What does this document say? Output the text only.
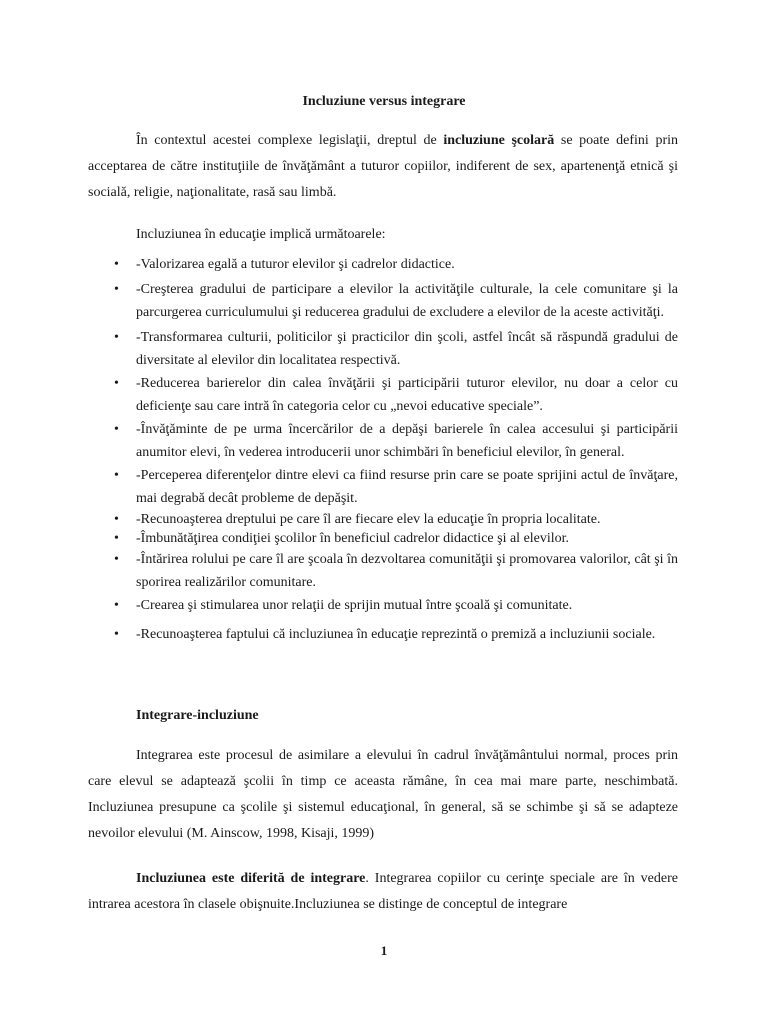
Incluziune versus integrare
În contextul acestei complexe legislaţii, dreptul de incluziune şcolară se poate defini prin acceptarea de către instituţiile de învăţământ a tuturor copiilor, indiferent de sex, apartenenţă etnică şi socială, religie, naţionalitate, rasă sau limbă.
Incluziunea în educaţie implică următoarele:
• -Valorizarea egală a tuturor elevilor şi cadrelor didactice.
• -Creşterea gradului de participare a elevilor la activităţile culturale, la cele comunitare şi la parcurgerea curriculumului şi reducerea gradului de excludere a elevilor de la aceste activităţi.
• -Transformarea culturii, politicilor şi practicilor din şcoli, astfel încât să răspundă gradului de diversitate al elevilor din localitatea respectivă.
• -Reducerea barierelor din calea învăţării şi participării tuturor elevilor, nu doar a celor cu deficienţe sau care intră în categoria celor cu „nevoi educative speciale”.
• -Învăţăminte de pe urma încercărilor de a depăşi barierele în calea accesului şi participării anumitor elevi, în vederea introducerii unor schimbări în beneficiul elevilor, în general.
• -Perceperea diferenţelor dintre elevi ca fiind resurse prin care se poate sprijini actul de învăţare, mai degrabă decât probleme de depăşit.
• -Recunoaşterea dreptului pe care îl are fiecare elev la educaţie în propria localitate.
• -Îmbunătăţirea condiţiei şcolilor în beneficiul cadrelor didactice şi al elevilor.
• -Întărirea rolului pe care îl are şcoala în dezvoltarea comunităţii şi promovarea valorilor, cât şi în sporirea realizărilor comunitare.
• -Crearea şi stimularea unor relaţii de sprijin mutual între şcoală şi comunitate.
• -Recunoaşterea faptului că incluziunea în educaţie reprezintă o premiză a incluziunii sociale.
Integrare-incluziune
Integrarea este procesul de asimilare a elevului în cadrul învăţământului normal, proces prin care elevul se adaptează şcolii în timp ce aceasta rămâne, în cea mai mare parte, neschimbată. Incluziunea presupune ca şcolile şi sistemul educaţional, în general, să se schimbe şi să se adapteze nevoilor elevului (M. Ainscow, 1998, Kisaji, 1999)
Incluziunea este diferită de integrare. Integrarea copiilor cu cerinţe speciale are în vedere intrarea acestora în clasele obişnuite.Incluziunea se distinge de conceptul de integrare
1
